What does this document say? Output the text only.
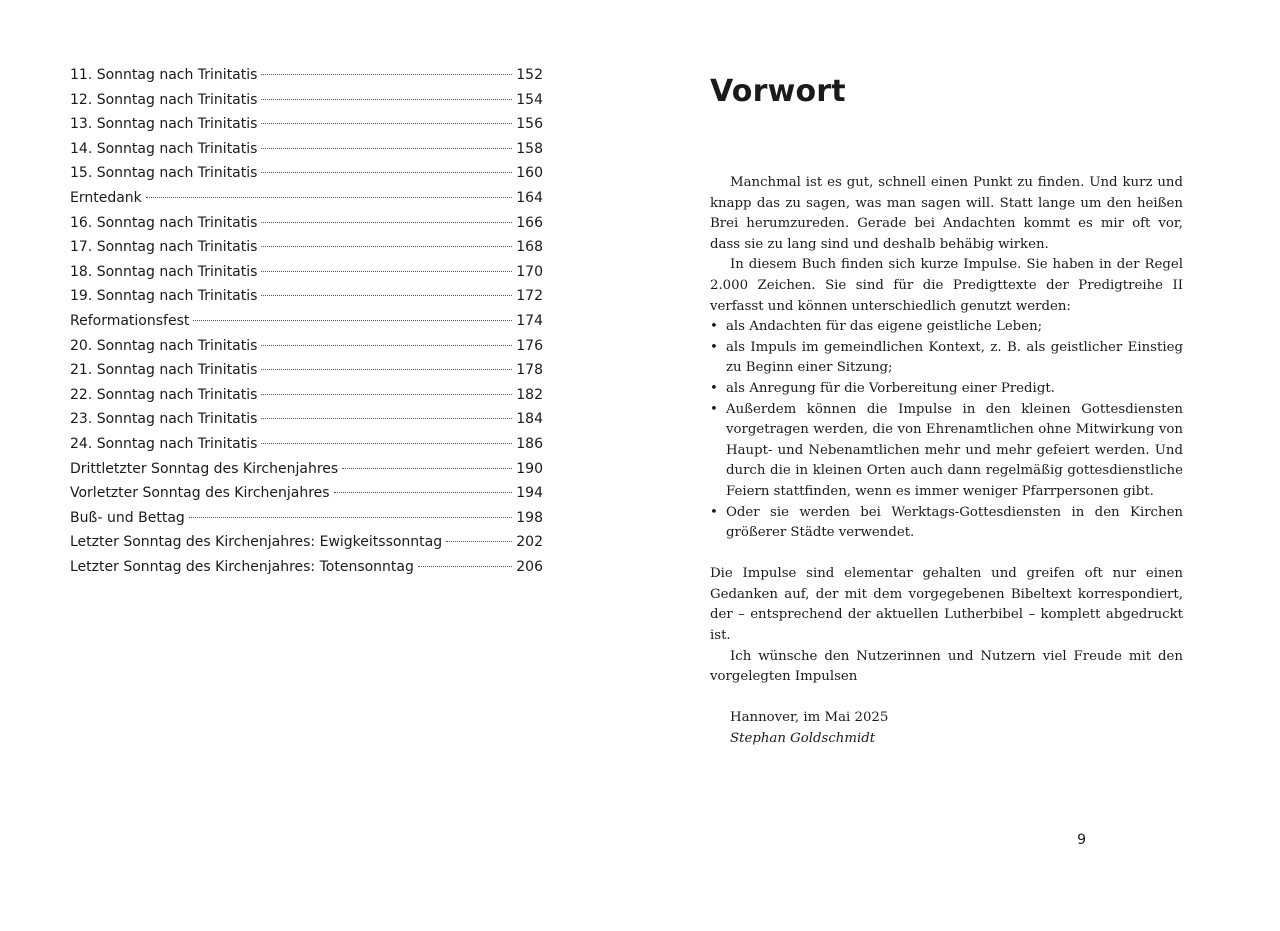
11. Sonntag nach Trinitatis	152
12. Sonntag nach Trinitatis	154
13. Sonntag nach Trinitatis	156
14. Sonntag nach Trinitatis	158
15. Sonntag nach Trinitatis	160
Erntedank	164
16. Sonntag nach Trinitatis	166
17. Sonntag nach Trinitatis	168
18. Sonntag nach Trinitatis	170
19. Sonntag nach Trinitatis	172
Reformationsfest	174
20. Sonntag nach Trinitatis	176
21. Sonntag nach Trinitatis	178
22. Sonntag nach Trinitatis	182
23. Sonntag nach Trinitatis	184
24. Sonntag nach Trinitatis	186
Drittletzter Sonntag des Kirchenjahres	190
Vorletzter Sonntag des Kirchenjahres	194
Buß- und Bettag	198
Letzter Sonntag des Kirchenjahres: Ewigkeitssonntag	202
Letzter Sonntag des Kirchenjahres: Totensonntag	206
Vorwort

Manchmal ist es gut, schnell einen Punkt zu finden. Und kurz und knapp das zu sagen, was man sagen will. Statt lange um den heißen Brei herumzureden. Gerade bei Andachten kommt es mir oft vor, dass sie zu lang sind und deshalb behäbig wirken.

In diesem Buch finden sich kurze Impulse. Sie haben in der Regel 2.000 Zeichen. Sie sind für die Predigttexte der Predigtreihe II verfasst und können unterschiedlich genutzt werden:

• als Andachten für das eigene geistliche Leben;
• als Impuls im gemeindlichen Kontext, z. B. als geistlicher Einstieg zu Beginn einer Sitzung;
• als Anregung für die Vorbereitung einer Predigt.
• Außerdem können die Impulse in den kleinen Gottesdiensten vorgetragen werden, die von Ehrenamtlichen ohne Mitwirkung von Haupt- und Nebenamtlichen mehr und mehr gefeiert werden. Und durch die in kleinen Orten auch dann regelmäßig gottesdienstliche Feiern stattfinden, wenn es immer weniger Pfarrpersonen gibt.
• Oder sie werden bei Werktags-Gottesdiensten in den Kirchen größerer Städte verwendet.

Die Impulse sind elementar gehalten und greifen oft nur einen Gedanken auf, der mit dem vorgegebenen Bibeltext korrespondiert, der – entsprechend der aktuellen Lutherbibel – komplett abgedruckt ist.

Ich wünsche den Nutzerinnen und Nutzern viel Freude mit den vorgelegten Impulsen

Hannover, im Mai 2025

Stephan Goldschmidt

9
